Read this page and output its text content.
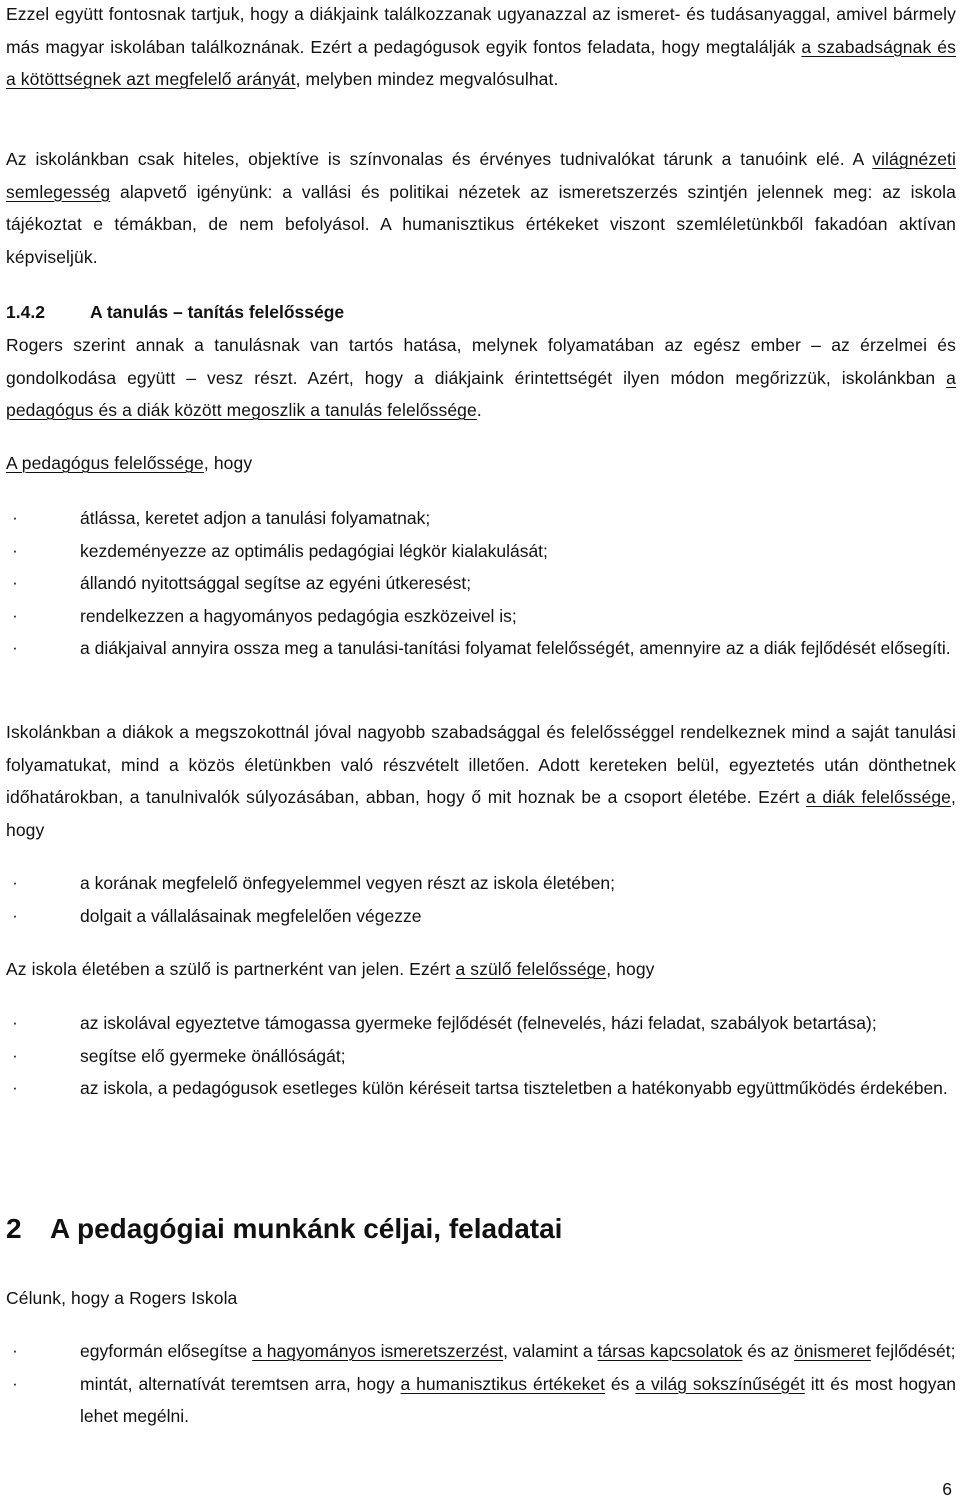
Ezzel együtt fontosnak tartjuk, hogy a diákjaink találkozzanak ugyanazzal az ismeret- és tudásanyaggal, amivel bármely más magyar iskolában találkoznának. Ezért a pedagógusok egyik fontos feladata, hogy megtalálják a szabadságnak és a kötöttségnek azt megfelelő arányát, melyben mindez megvalósulhat.

Az iskolánkban csak hiteles, objektíve is színvonalas és érvényes tudnivalókat tárunk a tanuóink elé. A világnézeti semlegesség alapvető igényünk: a vallási és politikai nézetek az ismeretszerzés szintjén jelennek meg: az iskola tájékoztat e témákban, de nem befolyásol. A humanisztikus értékeket viszont szemléletünkből fakadóan aktívan képviseljük.

1.4.2	A tanulás – tanítás felelőssége

Rogers szerint annak a tanulásnak van tartós hatása, melynek folyamatában az egész ember – az érzelmei és gondolkodása együtt – vesz részt. Azért, hogy a diákjaink érintettségét ilyen módon megőrizzük, iskolánkban a pedagógus és a diák között megoszlik a tanulás felelőssége.

A pedagógus felelőssége, hogy

·	átlássa, keretet adjon a tanulási folyamatnak;
·	kezdeményezze az optimális pedagógiai légkör kialakulását;
·	állandó nyitottsággal segítse az egyéni útkeresést;
·	rendelkezzen a hagyományos pedagógia eszközeivel is;
·	a diákjaival annyira ossza meg a tanulási-tanítási folyamat felelősségét, amennyire az a diák fejlődését elősegíti.

Iskolánkban a diákok a megszokottnál jóval nagyobb szabadsággal és felelősséggel rendelkeznek mind a saját tanulási folyamatukat, mind a közös életünkben való részvételt illetően. Adott kereteken belül, egyeztetés után dönthetnek időhatárokban, a tanulnivalók súlyozásában, abban, hogy ő mit hoznak be a csoport életébe. Ezért a diák felelőssége, hogy

·	a korának megfelelő önfegyelemmel vegyen részt az iskola életében;
·	dolgait a vállalásainak megfelelően végezze

Az iskola életében a szülő is partnerként van jelen. Ezért a szülő felelőssége, hogy

·	az iskolával egyeztetve támogassa gyermeke fejlődését (felnevelés, házi feladat, szabályok betartása);
·	segítse elő gyermeke önállóságát;
·	az iskola, a pedagógusok esetleges külön kéréseit tartsa tiszteletben a hatékonyabb együttműködés érdekében.
2 A pedagógiai munkánk céljai, feladatai

Célunk, hogy a Rogers Iskola

·	egyformán elősegítse a hagyományos ismeretszerzést, valamint a társas kapcsolatok és az önismeret fejlődését;
·	mintát, alternatívát teremtsen arra, hogy a humanisztikus értékeket és a világ sokszínűségét itt és most hogyan lehet megélni.
6
